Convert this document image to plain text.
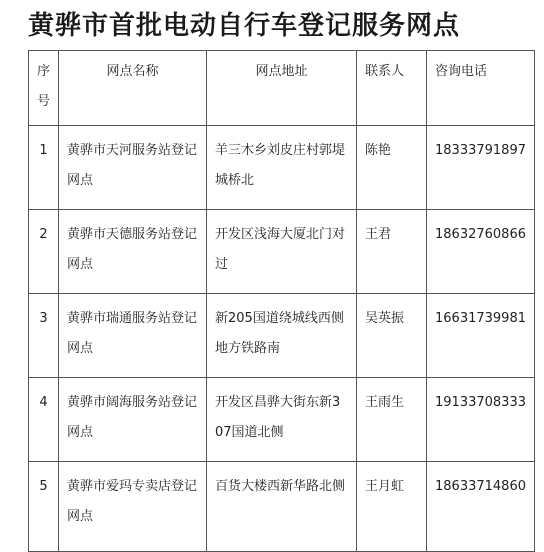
黄骅市首批电动自行车登记服务网点
序号	网点名称	网点地址	联系人	咨询电话
1	黄骅市天河服务站登记网点	羊三木乡刘皮庄村郭堤城桥北	陈艳	18333791897
2	黄骅市天德服务站登记网点	开发区浅海大厦北门对过	王君	18632760866
3	黄骅市瑞通服务站登记网点	新205国道绕城线西侧地方铁路南	吴英振	16631739981
4	黄骅市阔海服务站登记网点	开发区昌骅大街东新307国道北侧	王雨生	19133708333
5	黄骅市爱玛专卖店登记网点	百货大楼西新华路北侧	王月虹	18633714860
